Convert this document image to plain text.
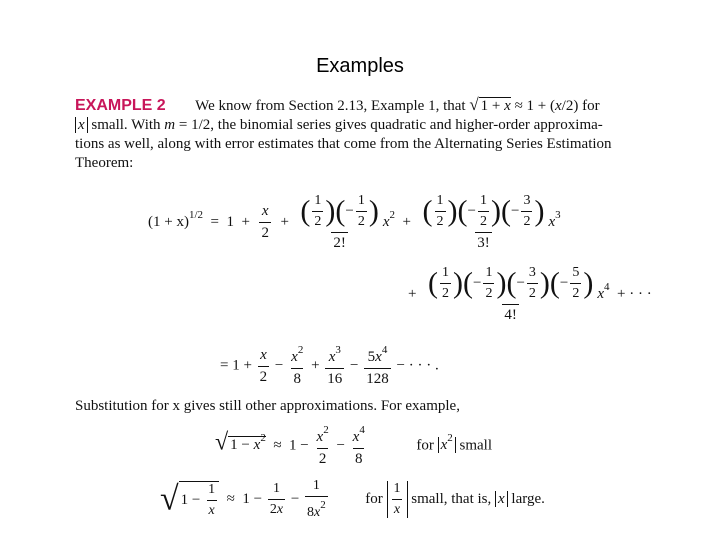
Examples
EXAMPLE 2 We know from Section 2.13, Example 1, that √ 1 + x ≈ 1 + (x/2) for
x small. With m = 1/2, the binomial series gives quadratic and higher-order approxima-
tions as well, along with error estimates that come from the Alternating Series Estimation
Theorem:
$(1 + x)^{1/2} = 1 + \frac{x}{2} + \frac{( \frac{1}{2} )(- \frac{1}{2} )}{2!} x^2 + \frac{( \frac{1}{2} )(- \frac{1}{2} )(- \frac{3}{2} )}{3!} x^3$
+ $\frac{( \frac{1}{2} )(- \frac{1}{2} )(- \frac{3}{2} )(- \frac{5}{2} )}{4!} x^4$ + · · ·
= $1 + \frac{x}{2} - \frac{x^2}{8} + \frac{x^3}{16} - \frac{5x^4}{128}$ − · · · .
Substitution for x gives still other approximations. For example,
√ $1 - x^2 \approx 1 - \frac{x^2}{2} - \frac{x^4}{8}$	for $x^2$ small
√ $1 - \frac{1}{x} \approx 1 - \frac{1}{2x} - \frac{1}{8x^2}$ for $\frac{1}{x}$ small, that is, x large.
